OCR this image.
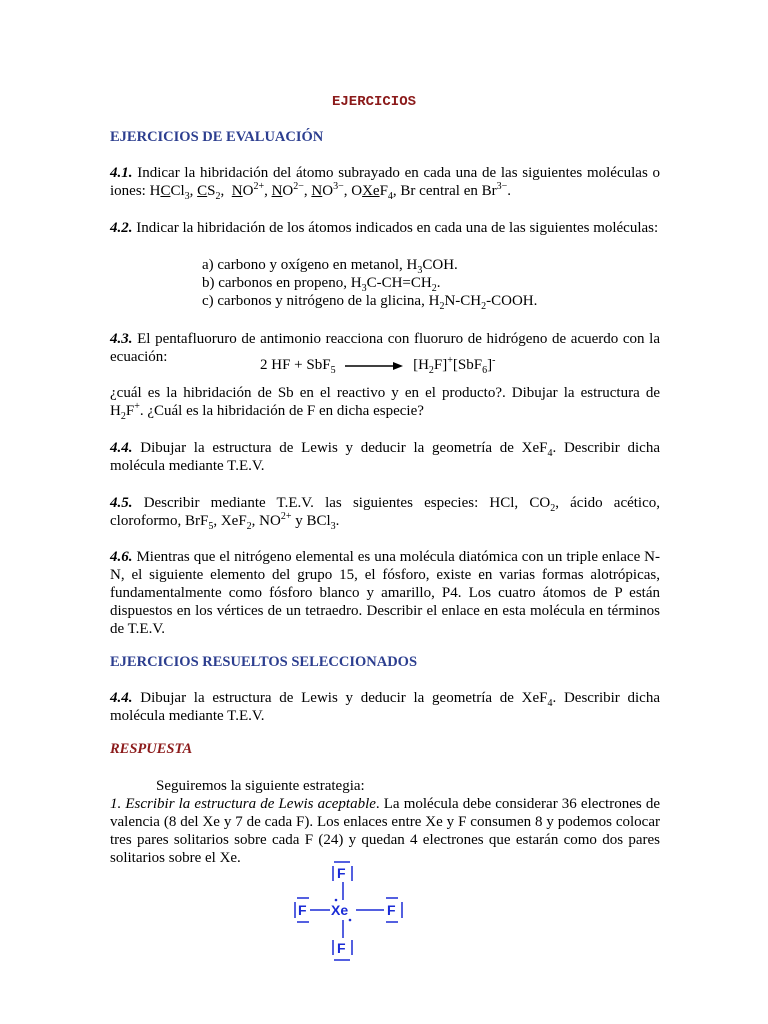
EJERCICIOS
EJERCICIOS DE EVALUACIÓN
4.1. Indicar la hibridación del átomo subrayado en cada una de las siguientes moléculas o iones: HCCl$_3$, $CS_2$,  $NO^{2+}$, $NO^{2-}$, $NO^{3-}$, OXeF$_4$, Br central en $Br^{3-}$.
4.2. Indicar la hibridación de los átomos indicados en cada una de las siguientes moléculas:
a) carbono y oxígeno en metanol, $H_3COH$.
b) carbonos en propeno, $H_3C-CH=CH_2$.
c) carbonos y nitrógeno de la glicina, $H_2N-CH_2$-COOH.
4.3. El pentafluoruro de antimonio reacciona con fluoruro de hidrógeno de acuerdo con la ecuación:	2 HF + SbF$_5$	$[H_2F]^+[SbF_6]^-$
¿cuál es la hibridación de Sb en el reactivo y en el producto?. Dibujar la estructura de $H_2F^+$. ¿Cuál es la hibridación de F en dicha especie?
4.4. Dibujar la estructura de Lewis y deducir la geometría de XeF$_4$. Describir dicha molécula mediante T.E.V.
4.5. Describir mediante T.E.V. las siguientes especies: HCl, $CO_2$, ácido acético, cloroformo, BrF$_5$, XeF$_2$, $NO^{2+}$ y BCl$_3$.
4.6. Mientras que el nitrógeno elemental es una molécula diatómica con un triple enlace N-N, el siguiente elemento del grupo 15, el fósforo, existe en varias formas alotrópicas, fundamentalmente como fósforo blanco y amarillo, P4. Los cuatro átomos de P están dispuestos en los vértices de un tetraedro. Describir el enlace en esta molécula en términos de T.E.V.
EJERCICIOS RESUELTOS SELECCIONADOS
4.4. Dibujar la estructura de Lewis y deducir la geometría de XeF$_4$. Describir dicha molécula mediante T.E.V.
RESPUESTA
Seguiremos la siguiente estrategia:
1. Escribir la estructura de Lewis aceptable. La molécula debe considerar 36 electrones de valencia (8 del Xe y 7 de cada F). Los enlaces entre Xe y F consumen 8 y podemos colocar tres pares solitarios sobre cada F (24) y quedan 4 electrones que estarán como dos pares solitarios sobre el Xe.
F
F Xe	F
F
